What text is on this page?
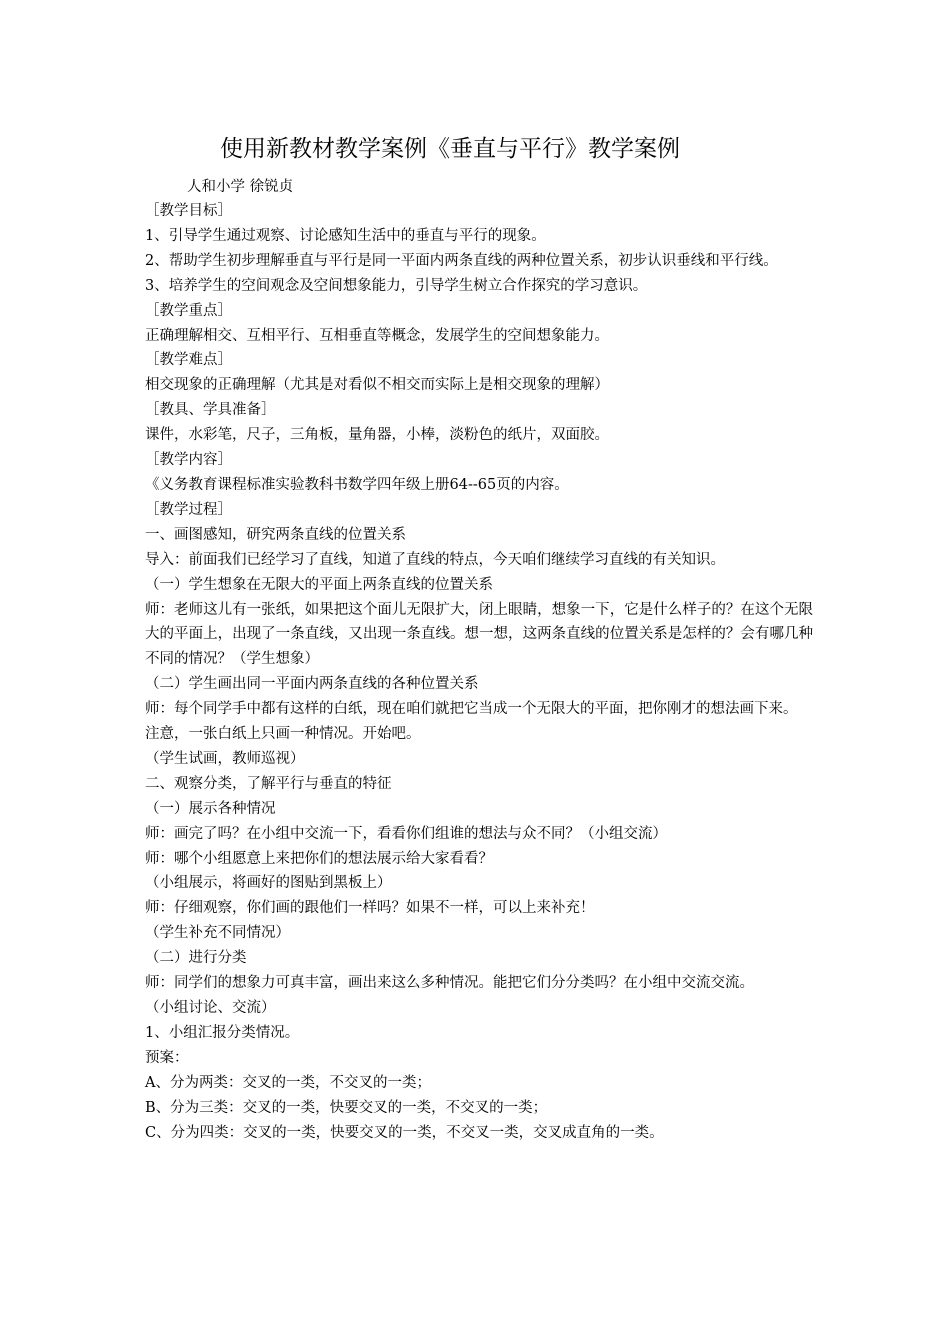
使用新教材教学案例《垂直与平行》教学案例
人和小学 徐锐贞

［教学目标］

1、引导学生通过观察、讨论感知生活中的垂直与平行的现象。

2、帮助学生初步理解垂直与平行是同一平面内两条直线的两种位置关系，初步认识垂线和平行线。

3、培养学生的空间观念及空间想象能力，引导学生树立合作探究的学习意识。

［教学重点］

正确理解相交、互相平行、互相垂直等概念，发展学生的空间想象能力。

［教学难点］

相交现象的正确理解（尤其是对看似不相交而实际上是相交现象的理解）

［教具、学具准备］

课件，水彩笔，尺子，三角板，量角器，小棒，淡粉色的纸片，双面胶。

［教学内容］

《义务教育课程标准实验教科书数学四年级上册64--65页的内容。

［教学过程］

一、画图感知，研究两条直线的位置关系

导入：前面我们已经学习了直线，知道了直线的特点，今天咱们继续学习直线的有关知识。

（一）学生想象在无限大的平面上两条直线的位置关系

师：老师这儿有一张纸，如果把这个面儿无限扩大，闭上眼睛，想象一下，它是什么样子的？在这个无限大的平面上，出现了一条直线，又出现一条直线。想一想，这两条直线的位置关系是怎样的？会有哪几种不同的情况？（学生想象）

（二）学生画出同一平面内两条直线的各种位置关系

师：每个同学手中都有这样的白纸，现在咱们就把它当成一个无限大的平面，把你刚才的想法画下来。

注意，一张白纸上只画一种情况。开始吧。

（学生试画，教师巡视）

二、观察分类，了解平行与垂直的特征

（一）展示各种情况

师：画完了吗？在小组中交流一下，看看你们组谁的想法与众不同？（小组交流）

师：哪个小组愿意上来把你们的想法展示给大家看看？

（小组展示，将画好的图贴到黑板上）

师：仔细观察，你们画的跟他们一样吗？如果不一样，可以上来补充！

（学生补充不同情况）

（二）进行分类

师：同学们的想象力可真丰富，画出来这么多种情况。能把它们分分类吗？在小组中交流交流。

（小组讨论、交流）

1、小组汇报分类情况。

预案：

A、分为两类：交叉的一类，不交叉的一类；

B、分为三类：交叉的一类，快要交叉的一类，不交叉的一类；

C、分为四类：交叉的一类，快要交叉的一类，不交叉一类，交叉成直角的一类。
